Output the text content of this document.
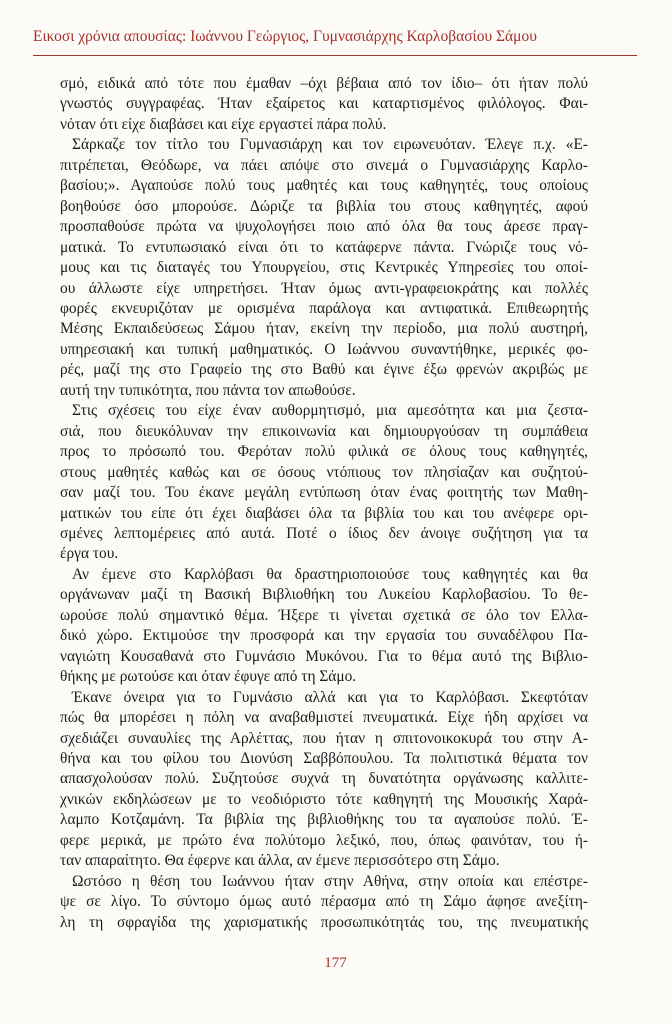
Εικοσι χρόνια απουσίας: Ιωάννου Γεώργιος, Γυμνασιάρχης Καρλοβασίου Σάμου

σμό, ειδικά από τότε που έμαθαν –όχι βέβαια από τον ίδιο– ότι ήταν πολύ
γνωστός συγγραφέας. Ήταν εξαίρετος και καταρτισμένος φιλόλογος. Φαι-
νόταν ότι είχε διαβάσει και είχε εργαστεί πάρα πολύ.

Σάρκαζε τον τίτλο του Γυμνασιάρχη και τον ειρωνευόταν. Έλεγε π.χ. «Ε-
πιτρέπεται, Θεόδωρε, να πάει απόψε στο σινεμά ο Γυμνασιάρχης Καρλο-
βασίου;». Αγαπούσε πολύ τους μαθητές και τους καθηγητές, τους οποίους
βοηθούσε όσο μπορούσε. Δώριζε τα βιβλία του στους καθηγητές, αφού
προσπαθούσε πρώτα να ψυχολογήσει ποιο από όλα θα τους άρεσε πραγ-
ματικά. Το εντυπωσιακό είναι ότι το κατάφερνε πάντα. Γνώριζε τους νό-
μους και τις διαταγές του Υπουργείου, στις Κεντρικές Υπηρεσίες του οποί-
ου άλλωστε είχε υπηρετήσει. Ήταν όμως αντι-γραφειοκράτης και πολλές
φορές εκνευριζόταν με ορισμένα παράλογα και αντιφατικά. Επιθεωρητής
Μέσης Εκπαιδεύσεως Σάμου ήταν, εκείνη την περίοδο, μια πολύ αυστηρή,
υπηρεσιακή και τυπική μαθηματικός. Ο Ιωάννου συναντήθηκε, μερικές φο-
ρές, μαζί της στο Γραφείο της στο Βαθύ και έγινε έξω φρενών ακριβώς με
αυτή την τυπικότητα, που πάντα τον απωθούσε.

Στις σχέσεις του είχε έναν αυθορμητισμό, μια αμεσότητα και μια ζεστα-
σιά, που διευκόλυναν την επικοινωνία και δημιουργούσαν τη συμπάθεια
προς το πρόσωπό του. Φερόταν πολύ φιλικά σε όλους τους καθηγητές,
στους μαθητές καθώς και σε όσους ντόπιους τον πλησίαζαν και συζητού-
σαν μαζί του. Του έκανε μεγάλη εντύπωση όταν ένας φοιτητής των Μαθη-
ματικών του είπε ότι έχει διαβάσει όλα τα βιβλία του και του ανέφερε ορι-
σμένες λεπτομέρειες από αυτά. Ποτέ ο ίδιος δεν άνοιγε συζήτηση για τα
έργα του.

Αν έμενε στο Καρλόβασι θα δραστηριοποιούσε τους καθηγητές και θα
οργάνωναν μαζί τη Βασική Βιβλιοθήκη του Λυκείου Καρλοβασίου. Το θε-
ωρούσε πολύ σημαντικό θέμα. Ήξερε τι γίνεται σχετικά σε όλο τον Ελλα-
δικό χώρο. Εκτιμούσε την προσφορά και την εργασία του συναδέλφου Πα-
ναγιώτη Κουσαθανά στο Γυμνάσιο Μυκόνου. Για το θέμα αυτό της Βιβλιο-
θήκης με ρωτούσε και όταν έφυγε από τη Σάμο.

Έκανε όνειρα για το Γυμνάσιο αλλά και για το Καρλόβασι. Σκεφτόταν
πώς θα μπορέσει η πόλη να αναβαθμιστεί πνευματικά. Είχε ήδη αρχίσει να
σχεδιάζει συναυλίες της Αρλέττας, που ήταν η σπιτονοικοκυρά του στην Α-
θήνα και του φίλου του Διονύση Σαββόπουλου. Τα πολιτιστικά θέματα τον
απασχολούσαν πολύ. Συζητούσε συχνά τη δυνατότητα οργάνωσης καλλιτε-
χνικών εκδηλώσεων με το νεοδιόριστο τότε καθηγητή της Μουσικής Χαρά-
λαμπο Κοτζαμάνη. Τα βιβλία της βιβλιοθήκης του τα αγαπούσε πολύ. Έ-
φερε μερικά, με πρώτο ένα πολύτομο λεξικό, που, όπως φαινόταν, του ή-
ταν απαραίτητο. Θα έφερνε και άλλα, αν έμενε περισσότερο στη Σάμο.

Ωστόσο η θέση του Ιωάννου ήταν στην Αθήνα, στην οποία και επέστρε-
ψε σε λίγο. Το σύντομο όμως αυτό πέρασμα από τη Σάμο άφησε ανεξίτη-
λη τη σφραγίδα της χαρισματικής προσωπικότητάς του, της πνευματικής

177
